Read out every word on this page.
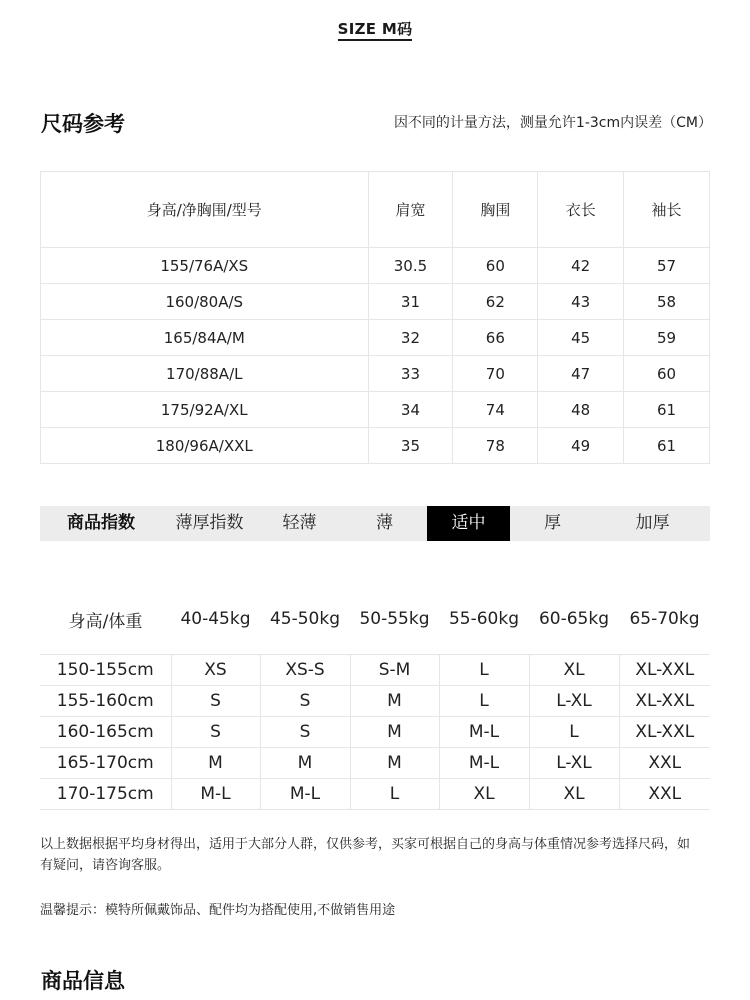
SIZE M码
尺码参考	因不同的计量方法，测量允许1-3cm内误差（CM）
身高/净胸围/型号	肩宽	胸围	衣长	袖长
155/76A/XS	30.5	60	42	57
160/80A/S	31	62	43	58
165/84A/M	32	66	45	59
170/88A/L	33	70	47	60
175/92A/XL	34	74	48	61
180/96A/XXL	35	78	49	61
商品指数	薄厚指数	轻薄	薄	适中	厚	加厚
身高/体重	40-45kg	45-50kg	50-55kg	55-60kg	60-65kg	65-70kg

150-155cm	XS	XS-S	S-M	L	XL	XL-XXL
155-160cm	S	S	M	L	L-XL	XL-XXL
160-165cm	S	S	M	M-L	L	XL-XXL
165-170cm	M	M	M	M-L	L-XL	XXL
170-175cm	M-L	M-L	L	XL	XL	XXL
以上数据根据平均身材得出，适用于大部分人群，仅供参考，买家可根据自己的身高与体重情况参考选择尺码，如有疑问，请咨询客服。
温馨提示：模特所佩戴饰品、配件均为搭配使用,不做销售用途
商品信息
